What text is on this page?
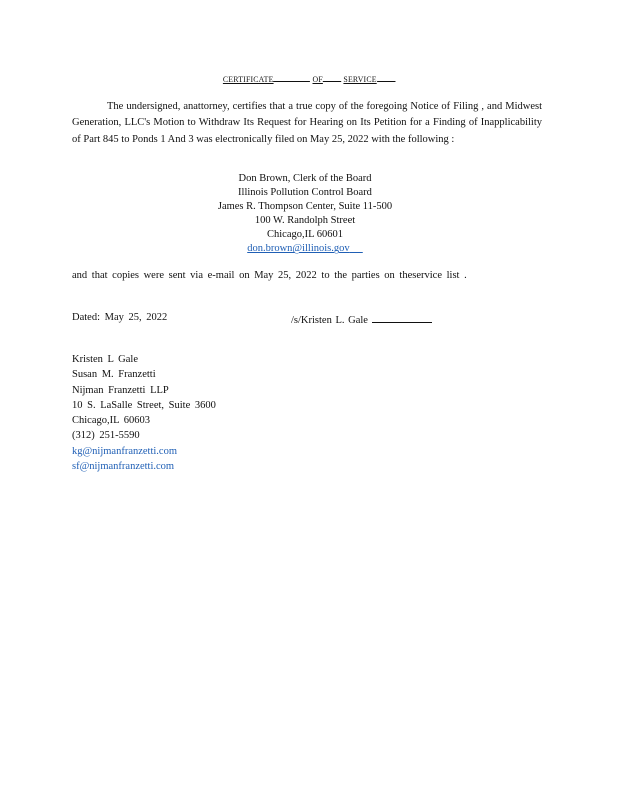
CERTIFICATE	OF SERVICE

The undersigned, anattorney, certifies that a true copy of the foregoing Notice of Filing , and Midwest Generation, LLC's Motion to Withdraw Its Request for Hearing on Its Petition for a Finding of Inapplicability of Part 845 to Ponds 1 And 3 was electronically filed on May 25, 2022 with the following :

Don Brown, Clerk of the Board
Illinois Pollution Control Board
James R. Thompson Center, Suite 11-500
100 W. Randolph Street
Chicago,IL 60601
don.brown@illinois.gov
and that copies were sent via e-mail on May 25, 2022 to the parties on theservice list .
Dated: May 25, 2022	/s/Kristen L. Gale
Kristen L Gale
Susan M. Franzetti
Nijman Franzetti LLP
10 S. LaSalle Street, Suite 3600
Chicago,IL 60603
(312) 251-5590
kg@nijmanfranzetti.com
sf@nijmanfranzetti.com
